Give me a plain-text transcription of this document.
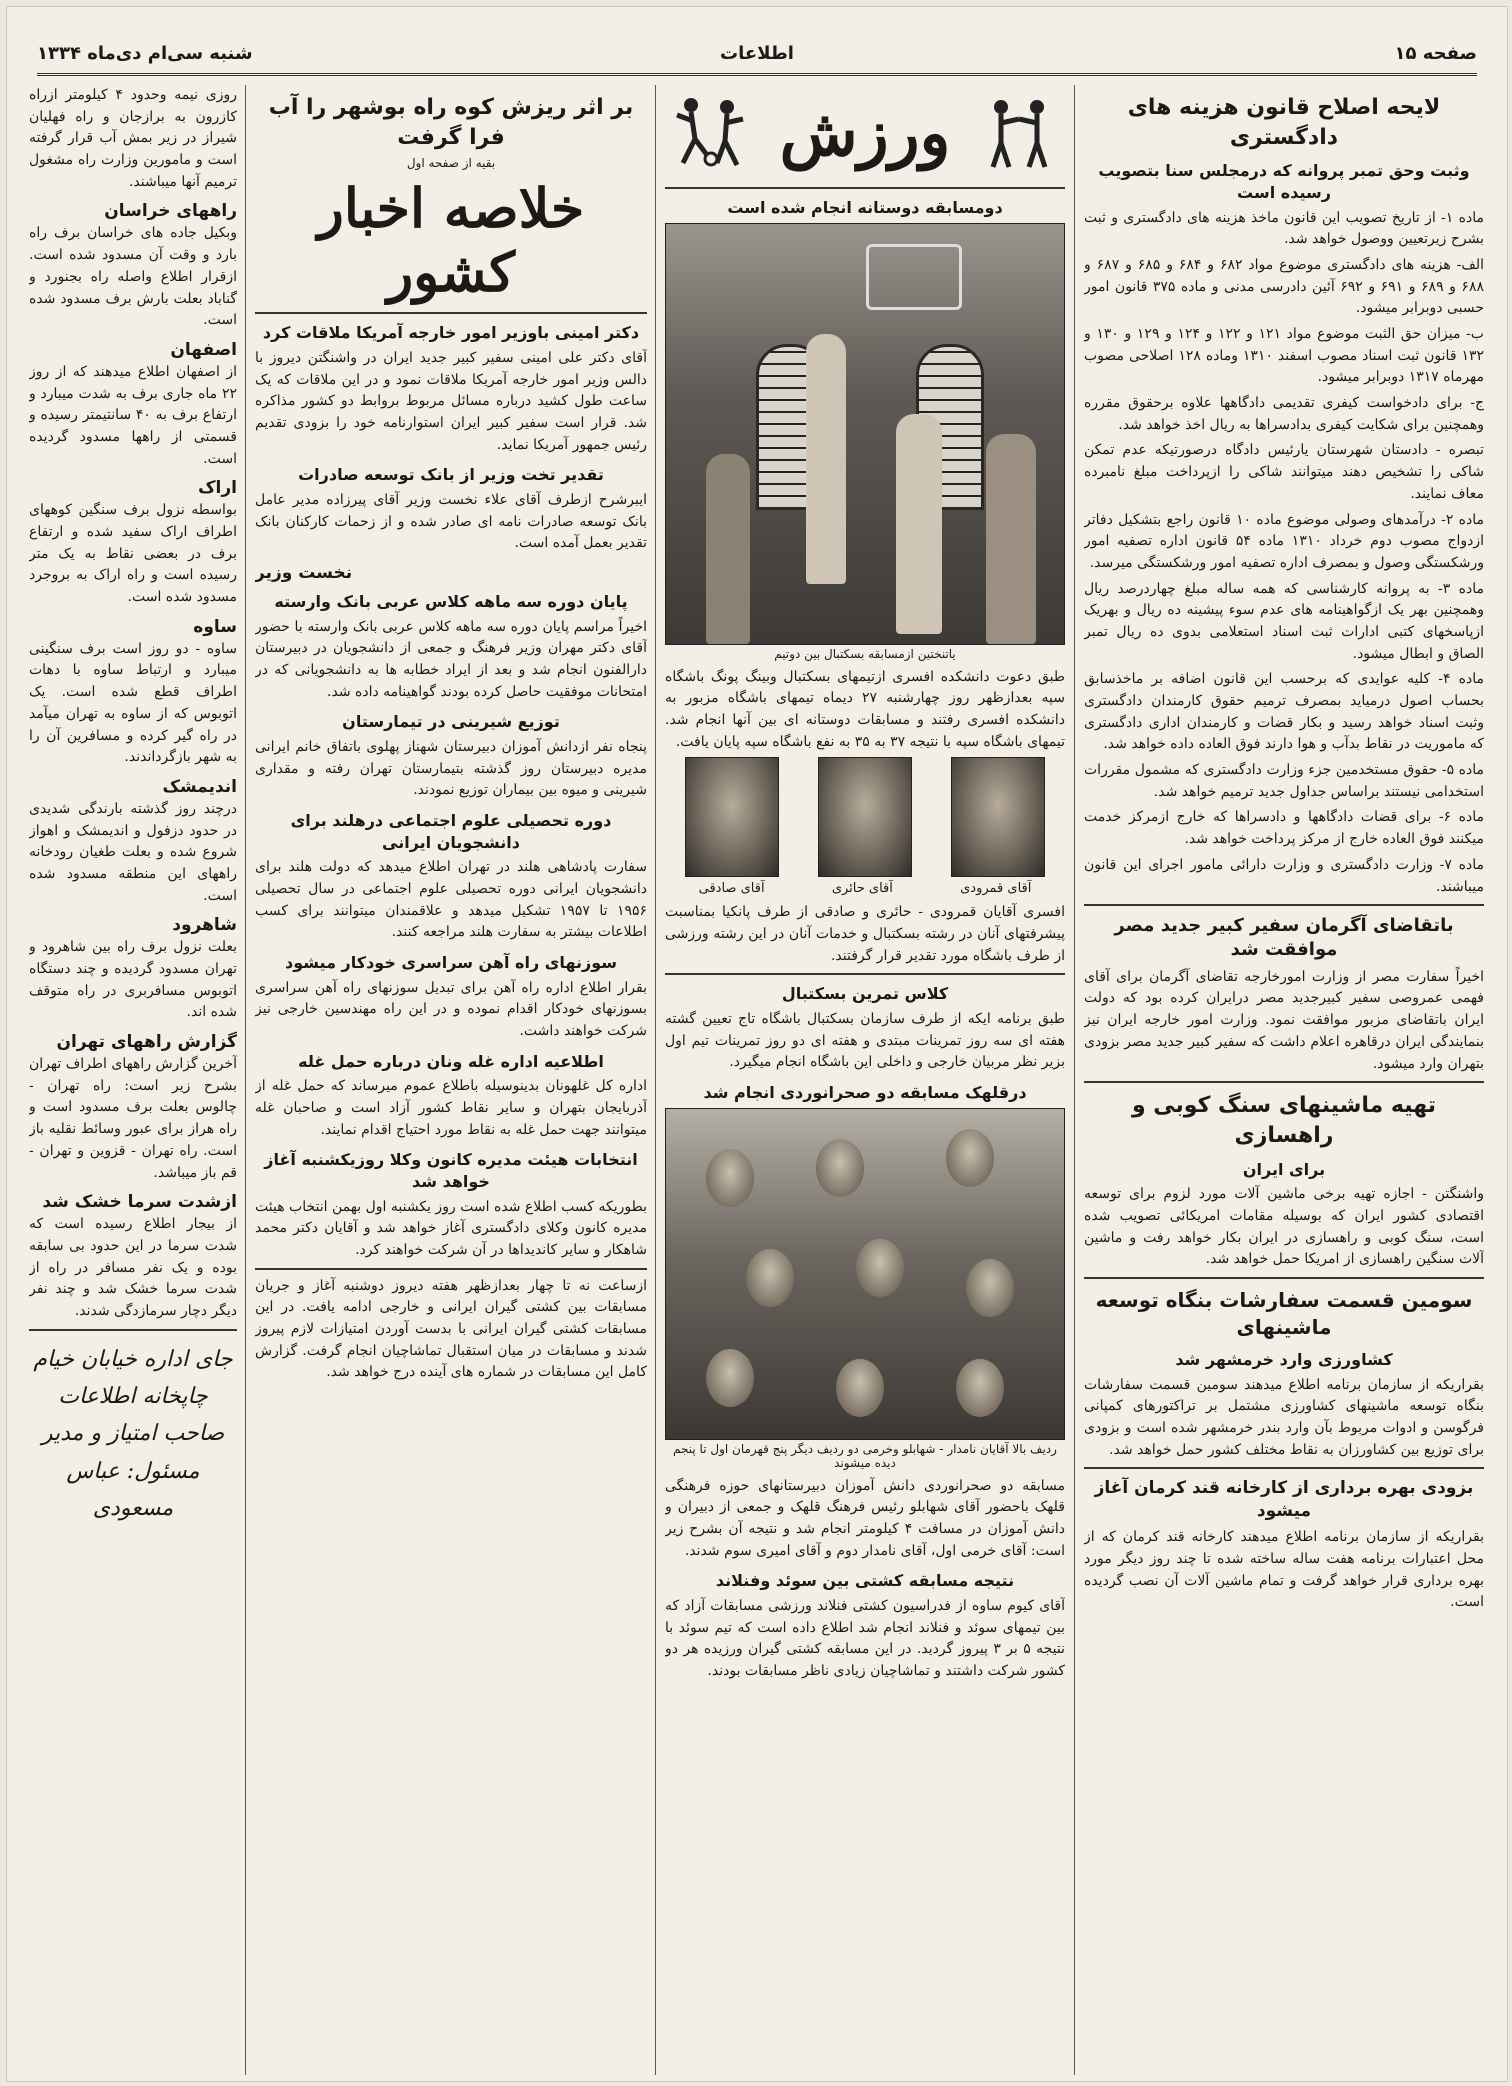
صفحه ۱۵
اطلاعات
شنبه سی‌ام دی‌ماه ۱۳۳۴
لایحه اصلاح قانون هزینه های دادگستری
وثبت وحق تمبر پروانه که درمجلس سنا بتصویب رسیده است

ماده ۱- از تاریخ تصویب این قانون ماخذ هزینه های دادگستری و ثبت بشرح زیرتعیین ووصول خواهد شد.

الف- هزینه های دادگستری موضوع مواد ۶۸۲ و ۶۸۴ و ۶۸۵ و ۶۸۷ و ۶۸۸ و ۶۸۹ و ۶۹۱ و ۶۹۲ آئین دادرسی مدنی و ماده ۳۷۵ قانون امور حسبی دوبرابر میشود.

ب- میزان حق الثبت موضوع مواد ۱۲۱ و ۱۲۲ و ۱۲۴ و ۱۲۹ و ۱۳۰ و ۱۳۲ قانون ثبت اسناد مصوب اسفند ۱۳۱۰ وماده ۱۲۸ اصلاحی مصوب مهرماه ۱۳۱۷ دوبرابر میشود.

ج- برای دادخواست کیفری تقدیمی دادگاهها علاوه برحقوق مقرره وهمچنین برای شکایت کیفری بدادسراها به ریال اخذ خواهد شد.

تبصره - دادستان شهرستان یارئیس دادگاه درصورتیکه عدم تمکن شاکی را تشخیص دهند میتوانند شاکی را ازپرداخت مبلغ نامبرده معاف نمایند.

ماده ۲- درآمدهای وصولی موضوع ماده ۱۰ قانون راجع بتشکیل دفاتر ازدواج مصوب دوم خرداد ۱۳۱۰ ماده ۵۴ قانون اداره تصفیه امور ورشکستگی وصول و بمصرف اداره تصفیه امور ورشکستگی میرسد.

ماده ۳- به پروانه کارشناسی که همه ساله مبلغ چهاردرصد ریال وهمچنین بهر یک ازگواهینامه های عدم سوء پیشینه ده ریال و بهریک ازپاسخهای کتبی ادارات ثبت اسناد استعلامی بدوی ده ریال تمبر الصاق و ابطال میشود.

ماده ۴- کلیه عوایدی که برحسب این قانون اضافه بر ماخذسابق بحساب اصول درمیاید بمصرف ترمیم حقوق کارمندان دادگستری وثبت اسناد خواهد رسید و بکار قضات و کارمندان اداری دادگستری که ماموریت در نقاط بدآب و هوا دارند فوق العاده داده خواهد شد.

ماده ۵- حقوق مستخدمین جزء وزارت دادگستری که مشمول مقررات استخدامی نیستند براساس جداول جدید ترمیم خواهد شد.

ماده ۶- برای قضات دادگاهها و دادسراها که خارج ازمرکز خدمت میکنند فوق العاده خارج از مرکز پرداخت خواهد شد.

ماده ۷- وزارت دادگستری و وزارت دارائی مامور اجرای این قانون میباشند.

باتقاضای آگرمان سفیر کبیر جدید مصر موافقت شد

اخیراً سفارت مصر از وزارت امورخارجه تقاضای آگرمان برای آقای فهمی عمروصی سفیر کبیرجدید مصر درایران کرده بود که دولت ایران باتقاضای مزبور موافقت نمود. وزارت امور خارجه ایران نیز بنمایندگی ایران درقاهره اعلام داشت که سفیر کبیر جدید مصر بزودی بتهران وارد میشود.

تهیه ماشینهای سنگ کوبی و راهسازی
برای ایران

واشنگتن - اجازه تهیه برخی ماشین آلات مورد لزوم برای توسعه اقتصادی کشور ایران که بوسیله مقامات امریکائی تصویب شده است، سنگ کوبی و راهسازی در ایران بکار خواهد رفت و ماشین آلات سنگین راهسازی از امریکا حمل خواهد شد.

سومین قسمت سفارشات بنگاه توسعه ماشینهای
کشاورزی وارد خرمشهر شد

بقراریکه از سازمان برنامه اطلاع میدهند سومین قسمت سفارشات بنگاه توسعه ماشینهای کشاورزی مشتمل بر تراکتورهای کمپانی فرگوسن و ادوات مربوط بآن وارد بندر خرمشهر شده است و بزودی برای توزیع بین کشاورزان به نقاط مختلف کشور حمل خواهد شد.

بزودی بهره برداری از کارخانه قند کرمان آغاز میشود

بقراریکه از سازمان برنامه اطلاع میدهند کارخانه قند کرمان که از محل اعتبارات برنامه هفت ساله ساخته شده تا چند روز دیگر مورد بهره برداری قرار خواهد گرفت و تمام ماشین آلات آن نصب گردیده است.

ورزش
دومسابقه دوستانه انجام شده است
یاتنختین ازمسابقه بسکتبال بین دوتیم

طبق دعوت دانشکده افسری ازتیمهای بسکتبال وبینگ پونگ باشگاه سپه بعدازظهر روز چهارشنبه ۲۷ دیماه تیمهای باشگاه مزبور به دانشکده افسری رفتند و مسابقات دوستانه ای بین آنها انجام شد. تیمهای باشگاه سپه با نتیجه ۳۷ به ۳۵ به نفع باشگاه سپه پایان یافت.

آقای قمرودی
آقای حائری
آقای صادقی

افسری آقایان قمرودی - حائری و صادقی از طرف پانکیا بمناسبت پیشرفتهای آنان در رشته بسکتبال و خدمات آنان در این رشته ورزشی از طرف باشگاه مورد تقدیر قرار گرفتند.

کلاس تمرین بسکتبال

طبق برنامه ایکه از طرف سازمان بسکتبال باشگاه تاج تعیین گشته هفته ای سه روز تمرینات مبتدی و هفته ای دو روز تمرینات تیم اول بزیر نظر مربیان خارجی و داخلی این باشگاه انجام میگیرد.

درقلهک مسابقه دو صحرانوردی انجام شد
ردیف بالا آقایان نامدار - شهابلو وخرمی دو ردیف دیگر پنج قهرمان اول تا پنجم دیده میشوند

مسابقه دو صحرانوردی دانش آموزان دبیرستانهای حوزه فرهنگی قلهک باحضور آقای شهابلو رئیس فرهنگ قلهک و جمعی از دبیران و دانش آموزان در مسافت ۴ کیلومتر انجام شد و نتیجه آن بشرح زیر است: آقای خرمی اول، آقای نامدار دوم و آقای امیری سوم شدند.

نتیجه مسابقه کشتی بین سوئد وفنلاند

آقای کیوم ساوه از فدراسیون کشتی فنلاند ورزشی مسابقات آزاد که بین تیمهای سوئد و فنلاند انجام شد اطلاع داده است که تیم سوئد با نتیجه ۵ بر ۳ پیروز گردید. در این مسابقه کشتی گیران ورزیده هر دو کشور شرکت داشتند و تماشاچیان زیادی ناظر مسابقات بودند.

بر اثر ریزش کوه راه بوشهر را آب فرا گرفت
بقیه از صفحه اول
خلاصه اخبار کشور
دکتر امینی باوزیر امور خارجه آمریکا ملاقات کرد

آقای دکتر علی امینی سفیر کبیر جدید ایران در واشنگتن دیروز با دالس وزیر امور خارجه آمریکا ملاقات نمود و در این ملاقات که یک ساعت طول کشید درباره مسائل مربوط بروابط دو کشور مذاکره شد. قرار است سفیر کبیر ایران استوارنامه خود را بزودی تقدیم رئیس جمهور آمریکا نماید.

تقدیر تخت وزیر از بانک توسعه صادرات

ایبرشرح ازطرف آقای علاء نخست وزیر آقای پیرزاده مدیر عامل بانک توسعه صادرات نامه ای صادر شده و از زحمات کارکنان بانک تقدیر بعمل آمده است.

نخست وزیر
پایان دوره سه ماهه کلاس عربی بانک وارسته

اخیراً مراسم پایان دوره سه ماهه کلاس عربی بانک وارسته با حضور آقای دکتر مهران وزیر فرهنگ و جمعی از دانشجویان در دبیرستان دارالفنون انجام شد و بعد از ایراد خطابه ها به دانشجویانی که در امتحانات موفقیت حاصل کرده بودند گواهینامه داده شد.

توزیع شیرینی در تیمارستان

پنجاه نفر ازدانش آموزان دبیرستان شهناز پهلوی باتفاق خانم ایرانی مدیره دبیرستان روز گذشته بتیمارستان تهران رفته و مقداری شیرینی و میوه بین بیماران توزیع نمودند.

دوره تحصیلی علوم اجتماعی درهلند برای دانشجویان ایرانی

سفارت پادشاهی هلند در تهران اطلاع میدهد که دولت هلند برای دانشجویان ایرانی دوره تحصیلی علوم اجتماعی در سال تحصیلی ۱۹۵۶ تا ۱۹۵۷ تشکیل میدهد و علاقمندان میتوانند برای کسب اطلاعات بیشتر به سفارت هلند مراجعه کنند.

سوزنهای راه آهن سراسری خودکار میشود

بقرار اطلاع اداره راه آهن برای تبدیل سوزنهای راه آهن سراسری بسوزنهای خودکار اقدام نموده و در این راه مهندسین خارجی نیز شرکت خواهند داشت.

اطلاعیه اداره غله ونان درباره حمل غله

اداره کل غلهونان بدینوسیله باطلاع عموم میرساند که حمل غله از آذربایجان بتهران و سایر نقاط کشور آزاد است و صاحبان غله میتوانند جهت حمل غله به نقاط مورد احتیاج اقدام نمایند.

انتخابات هیئت مدیره کانون وکلا روزیکشنبه آغاز خواهد شد

بطوریکه کسب اطلاع شده است روز یکشنبه اول بهمن انتخاب هیئت مدیره کانون وکلای دادگستری آغاز خواهد شد و آقایان دکتر محمد شاهکار و سایر کاندیداها در آن شرکت خواهند کرد.

ازساعت نه تا چهار بعدازظهر هفته دیروز دوشنبه آغاز و جریان مسابقات بین کشتی گیران ایرانی و خارجی ادامه یافت. در این مسابقات کشتی گیران ایرانی با بدست آوردن امتیازات لازم پیروز شدند و مسابقات در میان استقبال تماشاچیان انجام گرفت. گزارش کامل این مسابقات در شماره های آینده درج خواهد شد.

روزی نیمه وحدود ۴ کیلومتر ازراه کازرون به برازجان و راه فهلیان شیراز در زیر بمش آب قرار گرفته است و مامورین وزارت راه مشغول ترمیم آنها میباشند.

راههای خراسان

وبکیل جاده های خراسان برف راه بارد و وقت آن مسدود شده است. ازقرار اطلاع واصله راه بجنورد و گناباد بعلت بارش برف مسدود شده است.

اصفهان

از اصفهان اطلاع میدهند که از روز ۲۲ ماه جاری برف به شدت میبارد و ارتفاع برف به ۴۰ سانتیمتر رسیده و قسمتی از راهها مسدود گردیده است.

اراک

بواسطه نزول برف سنگین کوههای اطراف اراک سفید شده و ارتفاع برف در بعضی نقاط به یک متر رسیده است و راه اراک به بروجرد مسدود شده است.

ساوه

ساوه - دو روز است برف سنگینی میبارد و ارتباط ساوه با دهات اطراف قطع شده است. یک اتوبوس که از ساوه به تهران میآمد در راه گیر کرده و مسافرین آن را به شهر بازگرداندند.

اندیمشک

درچند روز گذشته بارندگی شدیدی در حدود دزفول و اندیمشک و اهواز شروع شده و بعلت طغیان رودخانه راههای این منطقه مسدود شده است.

شاهرود

بعلت نزول برف راه بین شاهرود و تهران مسدود گردیده و چند دستگاه اتوبوس مسافربری در راه متوقف شده اند.

گزارش راههای تهران

آخرین گزارش راههای اطراف تهران بشرح زیر است: راه تهران - چالوس بعلت برف مسدود است و راه هراز برای عبور وسائط نقلیه باز است. راه تهران - قزوین و تهران - قم باز میباشد.

ازشدت سرما خشک شد

از بیجار اطلاع رسیده است که شدت سرما در این حدود بی سابقه بوده و یک نفر مسافر در راه از شدت سرما خشک شد و چند نفر دیگر دچار سرمازدگی شدند.

جای اداره خیابان خیام چاپخانه اطلاعات صاحب امتیاز و مدیر مسئول: عباس مسعودی
